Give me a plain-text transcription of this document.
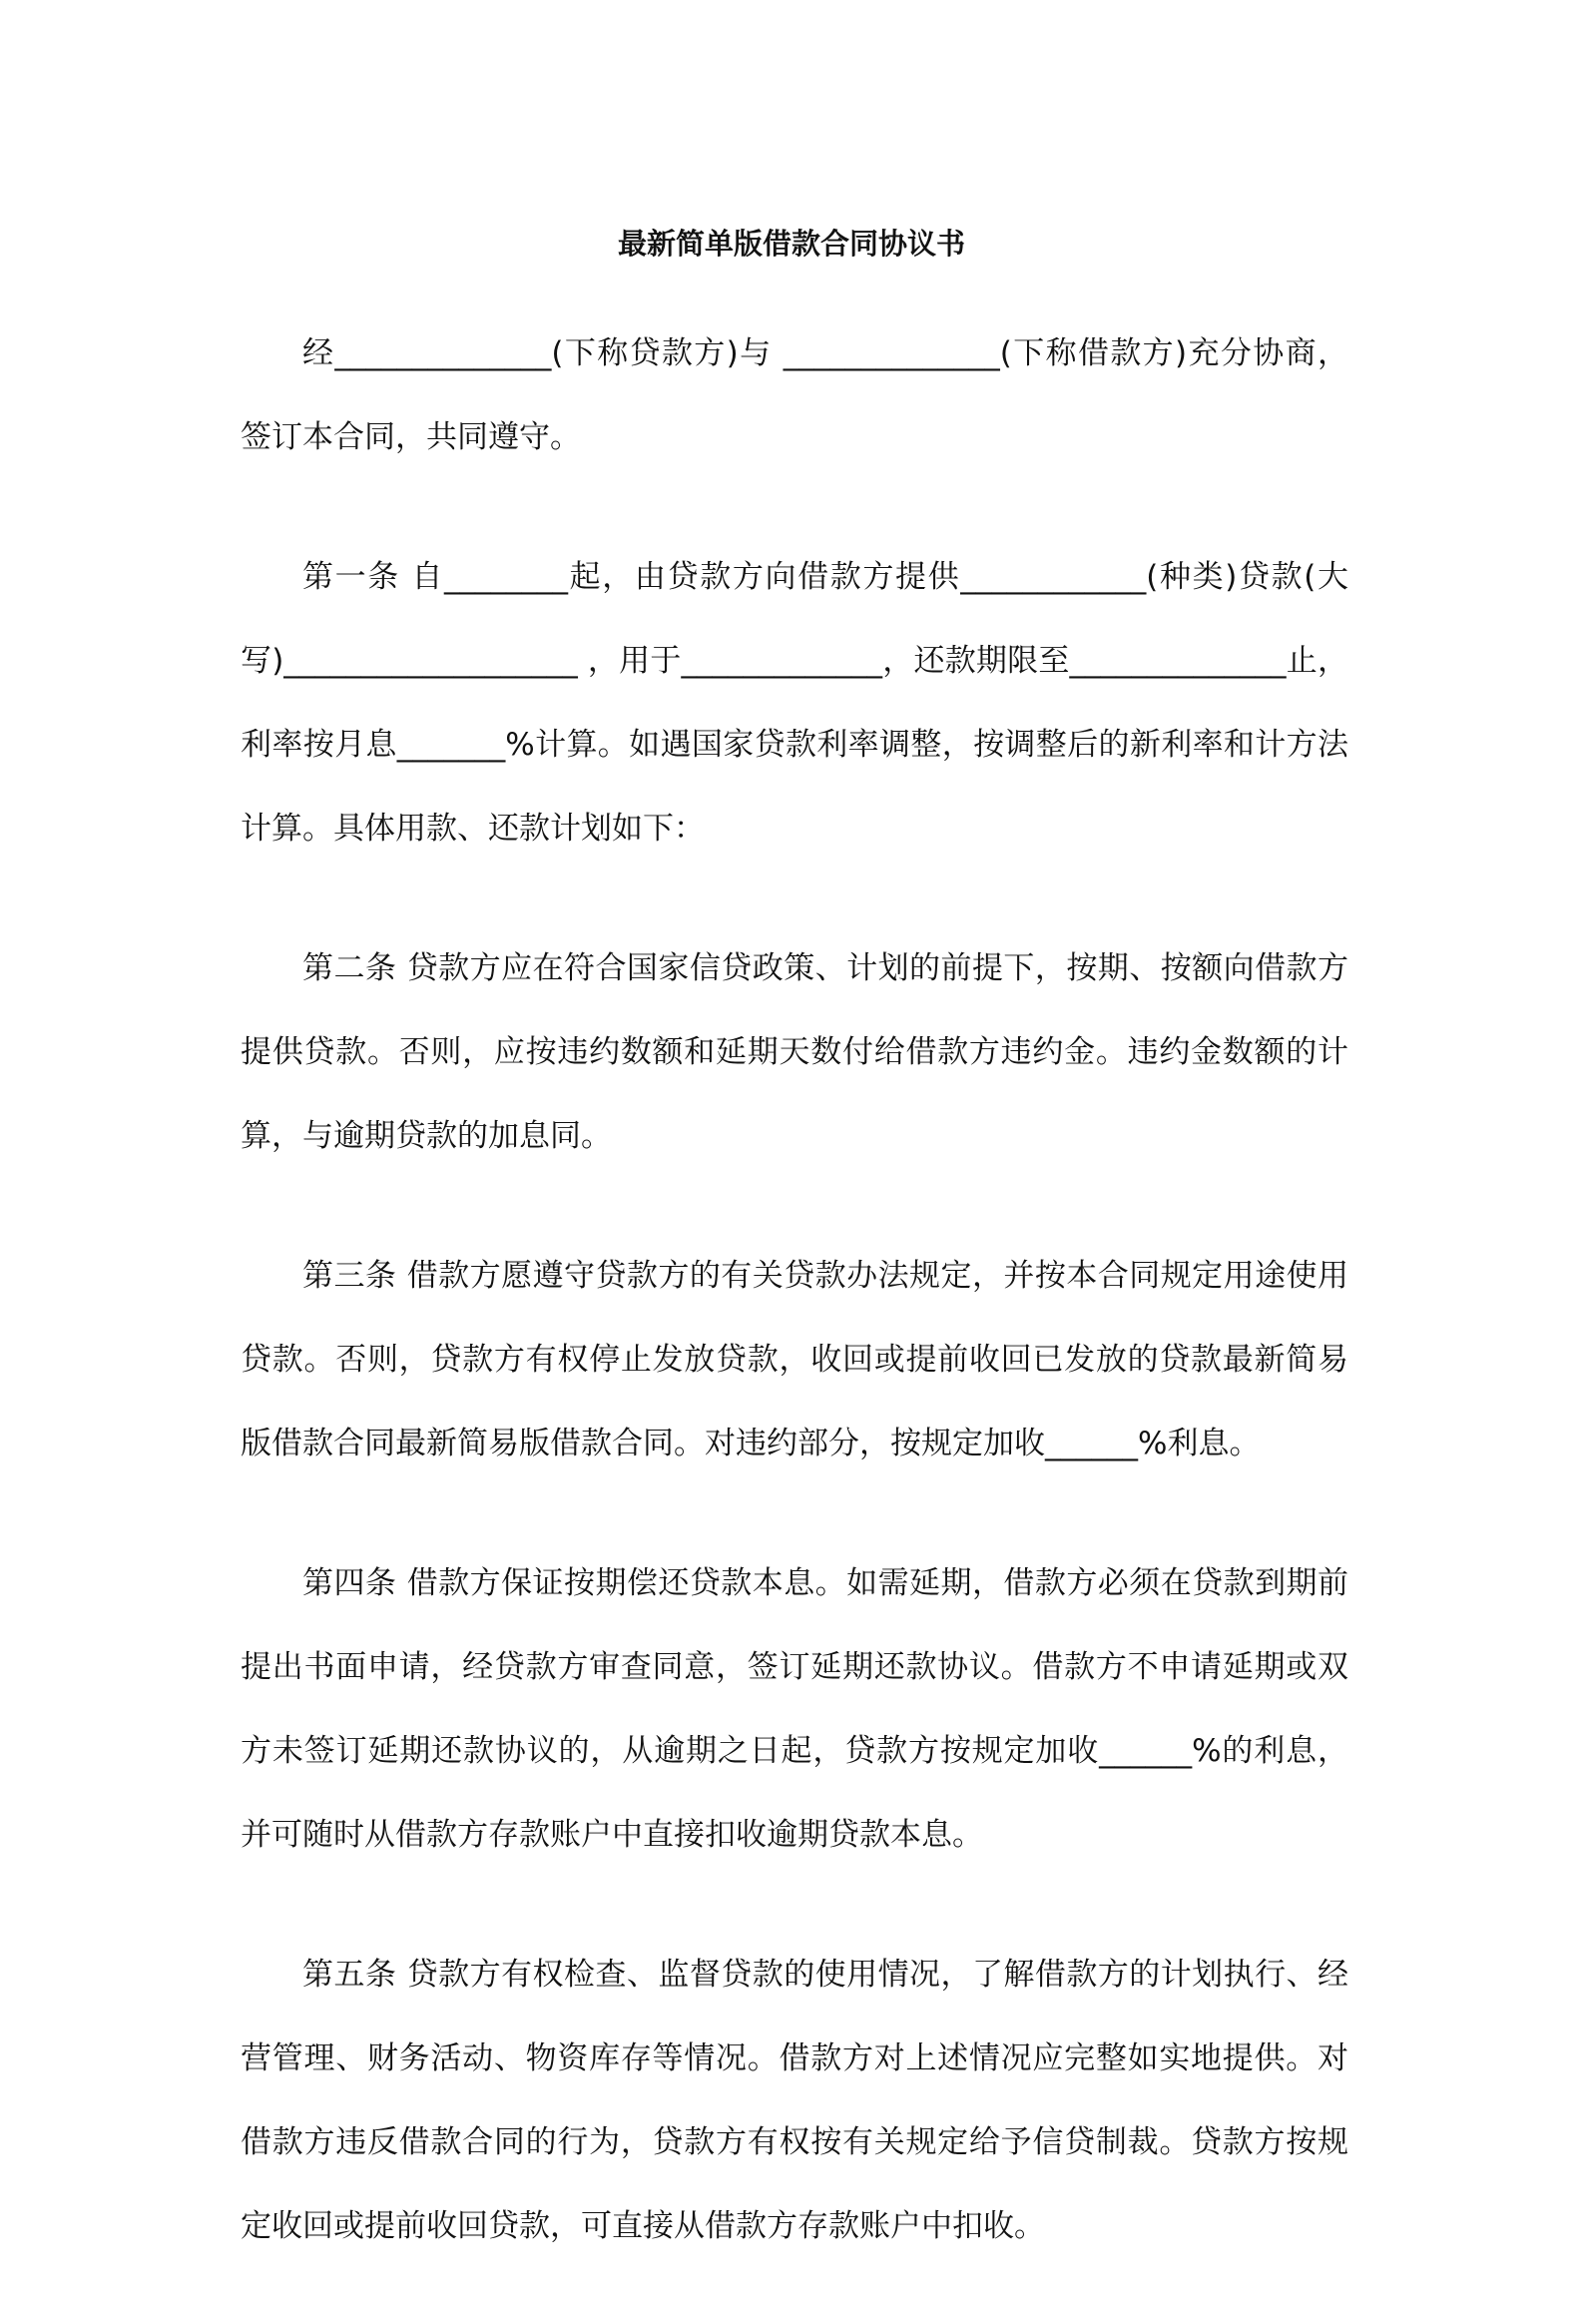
最新简单版借款合同协议书

经______________(下称贷款方)与 ______________(下称借款方)充分协商，签订本合同，共同遵守。

第一条 自________起，由贷款方向借款方提供____________(种类)贷款(大写)___________________ ，用于_____________，还款期限至______________止，利率按月息_______%计算。如遇国家贷款利率调整，按调整后的新利率和计方法计算。具体用款、还款计划如下：

第二条 贷款方应在符合国家信贷政策、计划的前提下，按期、按额向借款方提供贷款。否则，应按违约数额和延期天数付给借款方违约金。违约金数额的计算，与逾期贷款的加息同。

第三条 借款方愿遵守贷款方的有关贷款办法规定，并按本合同规定用途使用贷款。否则，贷款方有权停止发放贷款，收回或提前收回已发放的贷款最新简易版借款合同最新简易版借款合同。对违约部分，按规定加收______%利息。

第四条 借款方保证按期偿还贷款本息。如需延期，借款方必须在贷款到期前提出书面申请，经贷款方审查同意，签订延期还款协议。借款方不申请延期或双方未签订延期还款协议的，从逾期之日起，贷款方按规定加收______%的利息，并可随时从借款方存款账户中直接扣收逾期贷款本息。

第五条 贷款方有权检查、监督贷款的使用情况，了解借款方的计划执行、经营管理、财务活动、物资库存等情况。借款方对上述情况应完整如实地提供。对借款方违反借款合同的行为，贷款方有权按有关规定给予信贷制裁。贷款方按规定收回或提前收回贷款，可直接从借款方存款账户中扣收。
